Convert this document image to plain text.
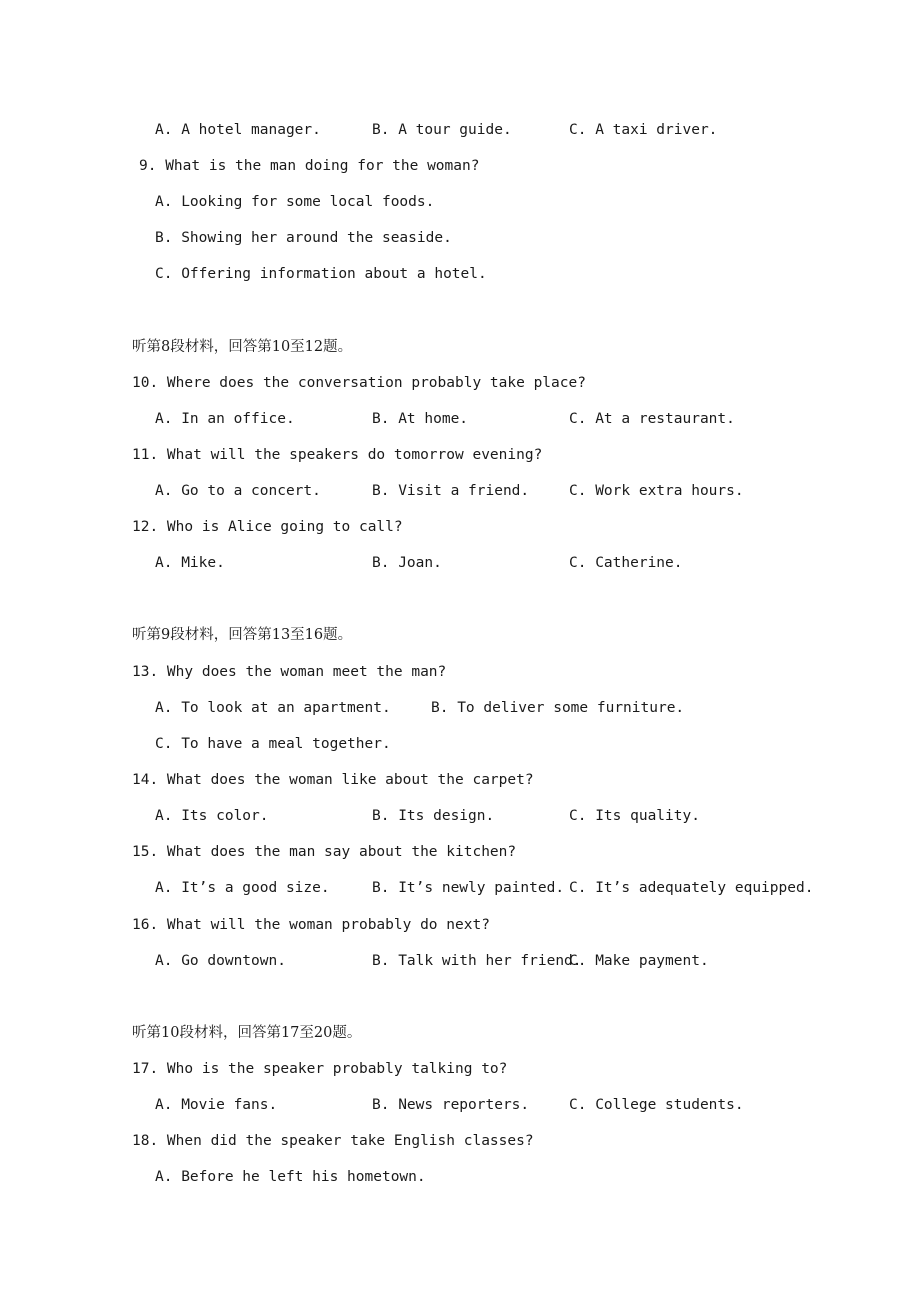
A. A hotel manager.	B. A tour guide.	C. A taxi driver.
9. What is the man doing for the woman?
A. Looking for some local foods.
B. Showing her around the seaside.
C. Offering information about a hotel.
听第8段材料，回答第10至12题。
10. Where does the conversation probably take place?
A. In an office.	B. At home.	C. At a restaurant.
11. What will the speakers do tomorrow evening?
A. Go to a concert.	B. Visit a friend.	C. Work extra hours.
12. Who is Alice going to call?
A. Mike.	B. Joan.	C. Catherine.
听第9段材料，回答第13至16题。
13. Why does the woman meet the man?
A. To look at an apartment.	B. To deliver some furniture.
C. To have a meal together.
14. What does the woman like about the carpet?
A. Its color.	B. Its design.	C. Its quality.
15. What does the man say about the kitchen?
A. It’s a good size.	B. It’s newly painted. C. It’s adequately equipped.
16. What will the woman probably do next?
A. Go downtown.	B. Talk with her friend.
C. Make payment.
听第10段材料，回答第17至20题。
17. Who is the speaker probably talking to?
A. Movie fans.	B. News reporters.	C. College students.
18. When did the speaker take English classes?
A. Before he left his hometown.
